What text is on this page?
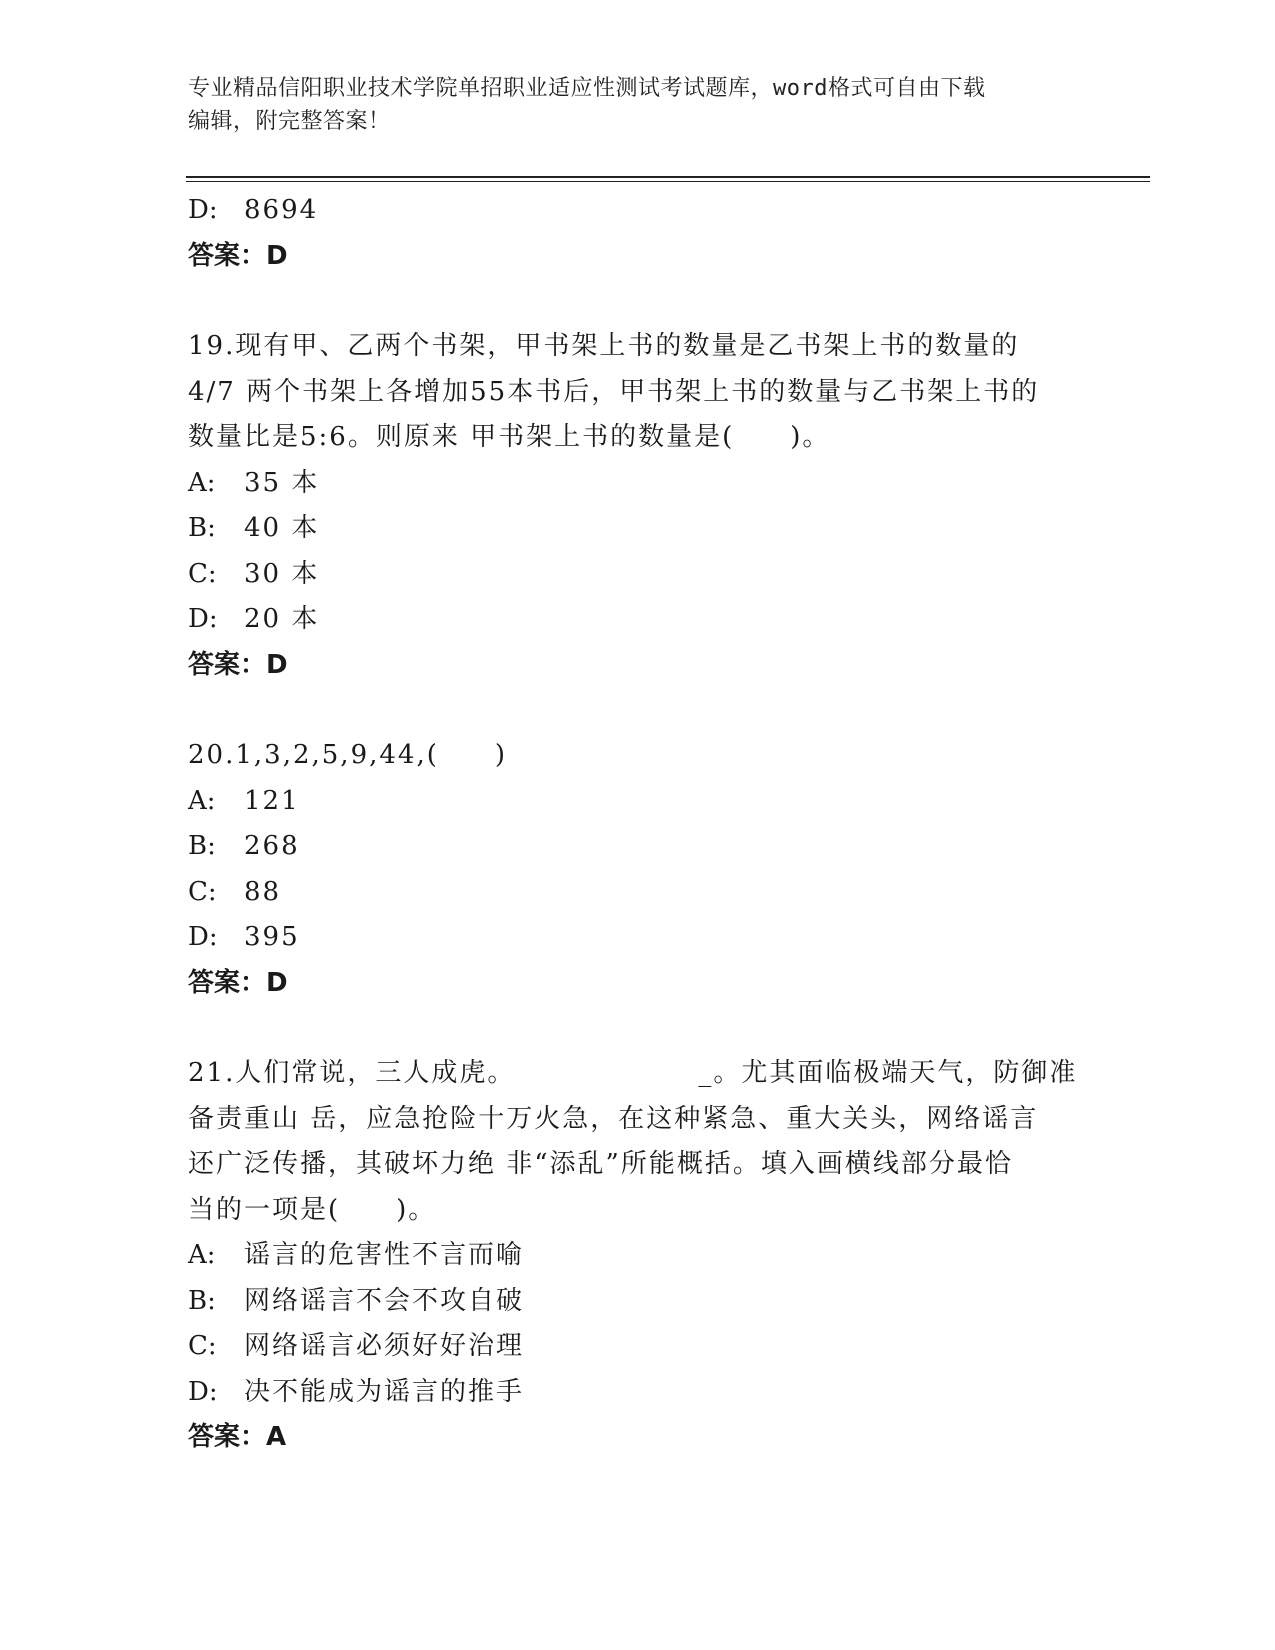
专业精品信阳职业技术学院单招职业适应性测试考试题库，word格式可自由下载
编辑，附完整答案！
D:	8694
答案：D
19.现有甲、乙两个书架，甲书架上书的数量是乙书架上书的数量的
4/7 两个书架上各增加55本书后，甲书架上书的数量与乙书架上书的
数量比是5:6。则原来 甲书架上书的数量是(　　)。
A:	35 本
B:	40 本
C:	30 本
D:	20 本
答案：D
20.1,3,2,5,9,44,(　　)
A:	121
B:	268
C:	88
D:	395
答案：D
21.人们常说，三人成虎。　　　　　　　_。尤其面临极端天气，防御准
备责重山 岳，应急抢险十万火急，在这种紧急、重大关头，网络谣言
还广泛传播，其破坏力绝 非“添乱”所能概括。填入画横线部分最恰
当的一项是(　　)。
A:	谣言的危害性不言而喻
B:	网络谣言不会不攻自破
C:	网络谣言必须好好治理
D:	决不能成为谣言的推手
答案：A
